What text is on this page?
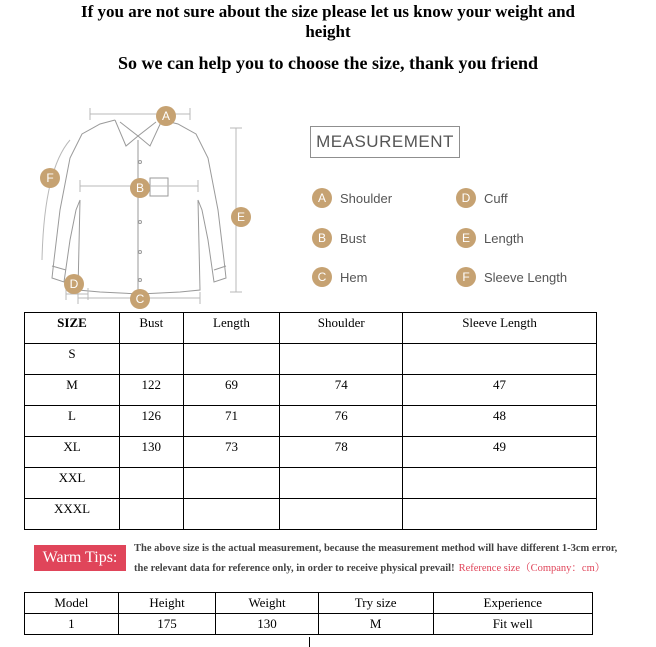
If you are not sure about the size please let us know your weight and height
So we can help you to choose the size, thank you friend
A
B
C
D
E
F
MEASUREMENT
A	Shoulder	D	Cuff
B	Bust	E	Length
C	Hem	F	Sleeve Length
SIZE	Bust	Length	Shoulder	Sleeve Length
S				
M	122	69	74	47
L	126	71	76	48
XL	130	73	78	49
XXL				
XXXL				
Warm Tips:
The above size is the actual measurement, because the measurement method will have different 1-3cm error,
the relevant data for reference only, in order to receive physical prevail! Reference size（Company：cm）
Model	Height	Weight	Try size	Experience
1	175	130	M	Fit well
